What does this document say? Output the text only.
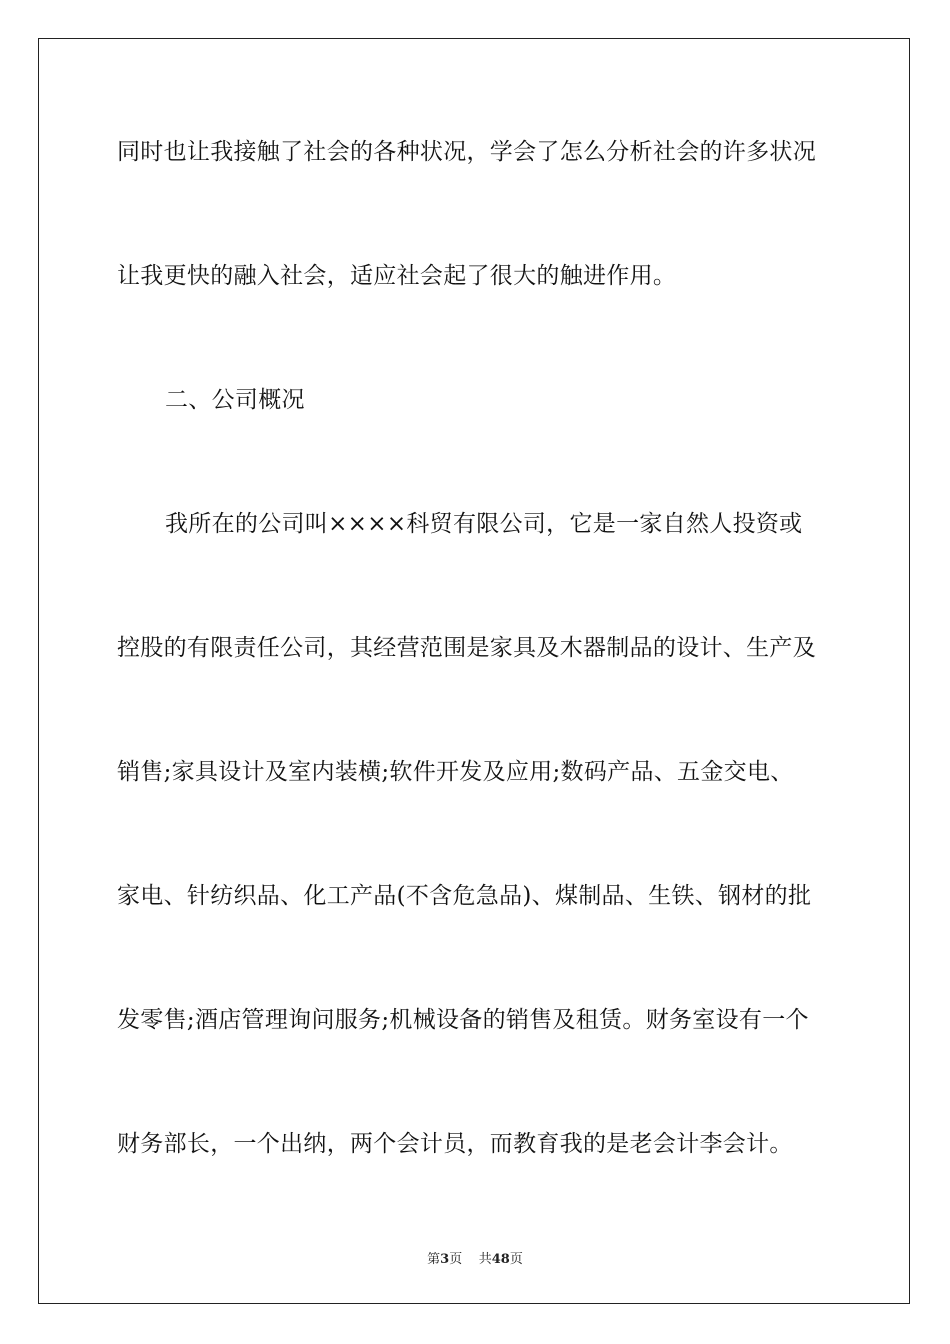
同时也让我接触了社会的各种状况，学会了怎么分析社会的许多状况
让我更快的融入社会，适应社会起了很大的触进作用。
二、公司概况
我所在的公司叫××××科贸有限公司，它是一家自然人投资或
控股的有限责任公司，其经营范围是家具及木器制品的设计、生产及
销售;家具设计及室内装横;软件开发及应用;数码产品、五金交电、
家电、针纺织品、化工产品(不含危急品)、煤制品、生铁、钢材的批
发零售;酒店管理询问服务;机械设备的销售及租赁。财务室设有一个
财务部长，一个出纳，两个会计员，而教育我的是老会计李会计。
第3页 共48页
